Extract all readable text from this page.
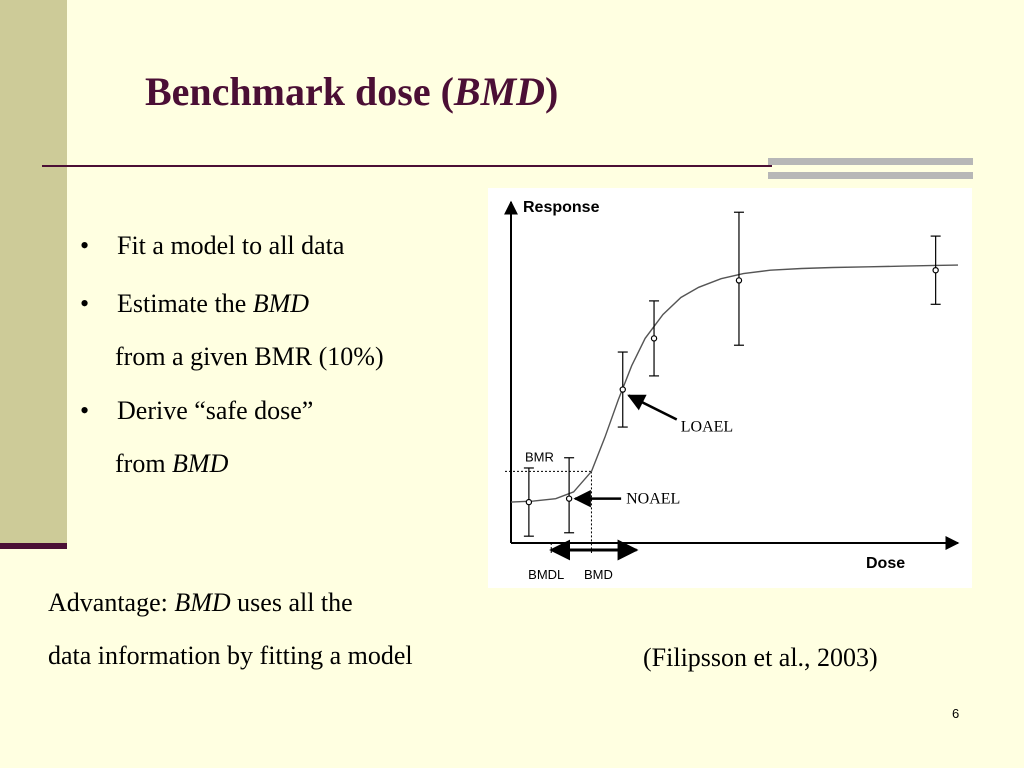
Benchmark dose (BMD)
• Fit a model to all data
• Estimate the BMD
from a given BMR (10%)
• Derive “safe dose”
from BMD
Response
Dose
BMR
BMDL BMD
LOAEL
NOAEL
Advantage: BMD uses all the
data information by fitting a model	(Filipsson et al., 2003)
6
